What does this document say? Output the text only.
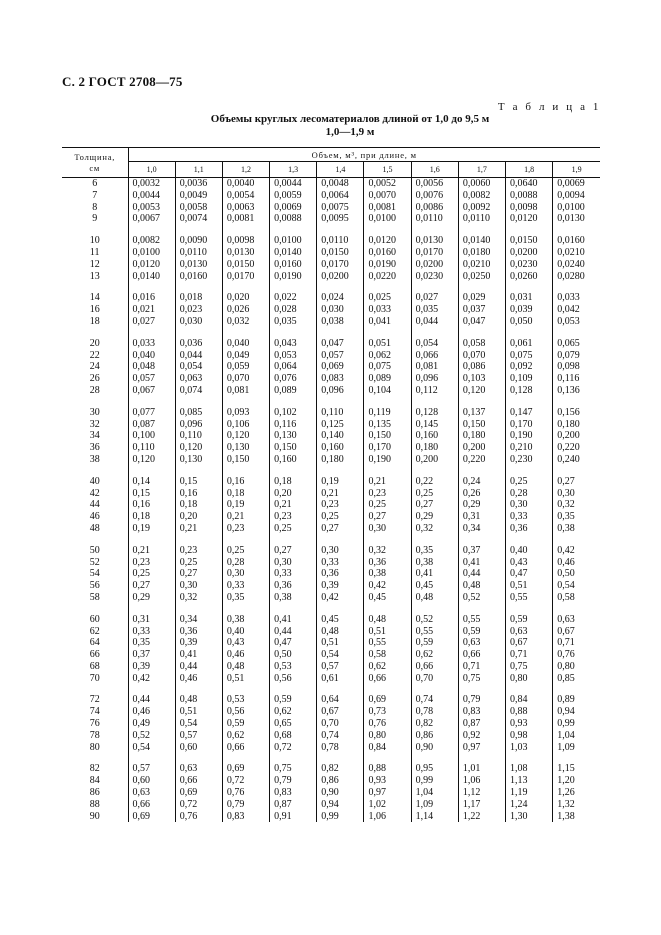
С. 2 ГОСТ 2708—75
Т а б л и ц а 1
Объемы круглых лесоматериалов длиной от 1,0 до 9,5 м
1,0—1,9 м
Толщина,
см	Объем, м³, при длине, м									
	1,0	1,1	1,2	1,3	1,4	1,5	1,6	1,7	1,8	1,9
6	0,0032	0,0036	0,0040	0,0044	0,0048	0,0052	0,0056	0,0060	0,0640	0,0069
7	0,0044	0,0049	0,0054	0,0059	0,0064	0,0070	0,0076	0,0082	0,0088	0,0094
8	0,0053	0,0058	0,0063	0,0069	0,0075	0,0081	0,0086	0,0092	0,0098	0,0100
9	0,0067	0,0074	0,0081	0,0088	0,0095	0,0100	0,0110	0,0110	0,0120	0,0130

10	0,0082	0,0090	0,0098	0,0100	0,0110	0,0120	0,0130	0,0140	0,0150	0,0160
11	0,0100	0,0110	0,0130	0,0140	0,0150	0,0160	0,0170	0,0180	0,0200	0,0210
12	0,0120	0,0130	0,0150	0,0160	0,0170	0,0190	0,0200	0,0210	0,0230	0,0240
13	0,0140	0,0160	0,0170	0,0190	0,0200	0,0220	0,0230	0,0250	0,0260	0,0280

14	0,016	0,018	0,020	0,022	0,024	0,025	0,027	0,029	0,031	0,033
16	0,021	0,023	0,026	0,028	0,030	0,033	0,035	0,037	0,039	0,042
18	0,027	0,030	0,032	0,035	0,038	0,041	0,044	0,047	0,050	0,053

20	0,033	0,036	0,040	0,043	0,047	0,051	0,054	0,058	0,061	0,065
22	0,040	0,044	0,049	0,053	0,057	0,062	0,066	0,070	0,075	0,079
24	0,048	0,054	0,059	0,064	0,069	0,075	0,081	0,086	0,092	0,098
26	0,057	0,063	0,070	0,076	0,083	0,089	0,096	0,103	0,109	0,116
28	0,067	0,074	0,081	0,089	0,096	0,104	0,112	0,120	0,128	0,136

30	0,077	0,085	0,093	0,102	0,110	0,119	0,128	0,137	0,147	0,156
32	0,087	0,096	0,106	0,116	0,125	0,135	0,145	0,150	0,170	0,180
34	0,100	0,110	0,120	0,130	0,140	0,150	0,160	0,180	0,190	0,200
36	0,110	0,120	0,130	0,150	0,160	0,170	0,180	0,200	0,210	0,220
38	0,120	0,130	0,150	0,160	0,180	0,190	0,200	0,220	0,230	0,240

40	0,14	0,15	0,16	0,18	0,19	0,21	0,22	0,24	0,25	0,27
42	0,15	0,16	0,18	0,20	0,21	0,23	0,25	0,26	0,28	0,30
44	0,16	0,18	0,19	0,21	0,23	0,25	0,27	0,29	0,30	0,32
46	0,18	0,20	0,21	0,23	0,25	0,27	0,29	0,31	0,33	0,35
48	0,19	0,21	0,23	0,25	0,27	0,30	0,32	0,34	0,36	0,38

50	0,21	0,23	0,25	0,27	0,30	0,32	0,35	0,37	0,40	0,42
52	0,23	0,25	0,28	0,30	0,33	0,36	0,38	0,41	0,43	0,46
54	0,25	0,27	0,30	0,33	0,36	0,38	0,41	0,44	0,47	0,50
56	0,27	0,30	0,33	0,36	0,39	0,42	0,45	0,48	0,51	0,54
58	0,29	0,32	0,35	0,38	0,42	0,45	0,48	0,52	0,55	0,58

60	0,31	0,34	0,38	0,41	0,45	0,48	0,52	0,55	0,59	0,63
62	0,33	0,36	0,40	0,44	0,48	0,51	0,55	0,59	0,63	0,67
64	0,35	0,39	0,43	0,47	0,51	0,55	0,59	0,63	0,67	0,71
66	0,37	0,41	0,46	0,50	0,54	0,58	0,62	0,66	0,71	0,76
68	0,39	0,44	0,48	0,53	0,57	0,62	0,66	0,71	0,75	0,80
70	0,42	0,46	0,51	0,56	0,61	0,66	0,70	0,75	0,80	0,85

72	0,44	0,48	0,53	0,59	0,64	0,69	0,74	0,79	0,84	0,89
74	0,46	0,51	0,56	0,62	0,67	0,73	0,78	0,83	0,88	0,94
76	0,49	0,54	0,59	0,65	0,70	0,76	0,82	0,87	0,93	0,99
78	0,52	0,57	0,62	0,68	0,74	0,80	0,86	0,92	0,98	1,04
80	0,54	0,60	0,66	0,72	0,78	0,84	0,90	0,97	1,03	1,09

82	0,57	0,63	0,69	0,75	0,82	0,88	0,95	1,01	1,08	1,15
84	0,60	0,66	0,72	0,79	0,86	0,93	0,99	1,06	1,13	1,20
86	0,63	0,69	0,76	0,83	0,90	0,97	1,04	1,12	1,19	1,26
88	0,66	0,72	0,79	0,87	0,94	1,02	1,09	1,17	1,24	1,32
90	0,69	0,76	0,83	0,91	0,99	1,06	1,14	1,22	1,30	1,38
